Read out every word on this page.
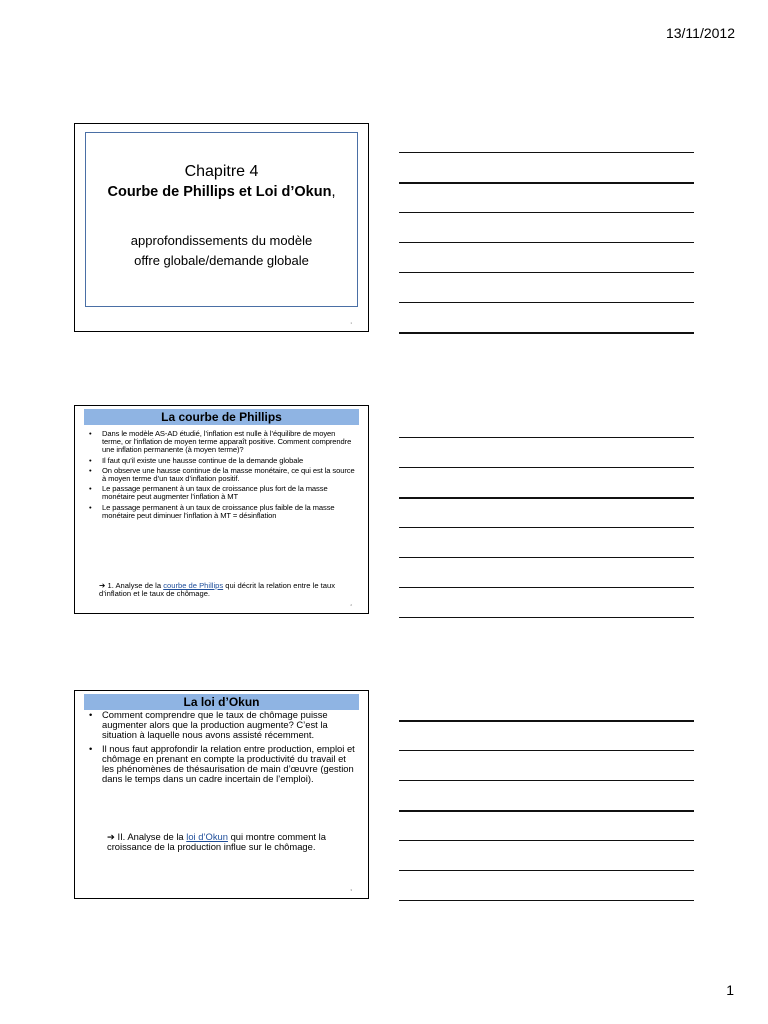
13/11/2012
Chapitre 4
Courbe de Phillips et Loi d’Okun,
approfondissements du modèle
offre globale/demande globale
1
La courbe de Phillips
• Dans le modèle AS-AD étudié, l’inflation est nulle à l’équilibre de moyen terme, or l’inflation de moyen terme apparaît positive. Comment comprendre une inflation permanente (à moyen terme)?
• Il faut qu’il existe une hausse continue de la demande globale
• On observe une hausse continue de la masse monétaire, ce qui est la source à moyen terme d’un taux d’inflation positif.
• Le passage permanent à un taux de croissance plus fort de la masse monétaire peut augmenter l’inflation à MT
• Le passage permanent à un taux de croissance plus faible de la masse monétaire peut diminuer l’inflation à MT = désinflation
➔ 1. Analyse de la courbe de Phillips qui décrit la relation entre le taux d’inflation et le taux de chômage.
2
La loi d’Okun
• Comment comprendre que le taux de chômage puisse augmenter alors que la production augmente? C’est la situation à laquelle nous avons assisté récemment.
• Il nous faut approfondir la relation entre production, emploi et chômage en prenant en compte la productivité du travail et les phénomènes de thésaurisation de main d’œuvre (gestion dans le temps dans un cadre incertain de l’emploi).
➔ II. Analyse de la loi d’Okun qui montre comment la croissance de la production influe sur le chômage.
3
1
